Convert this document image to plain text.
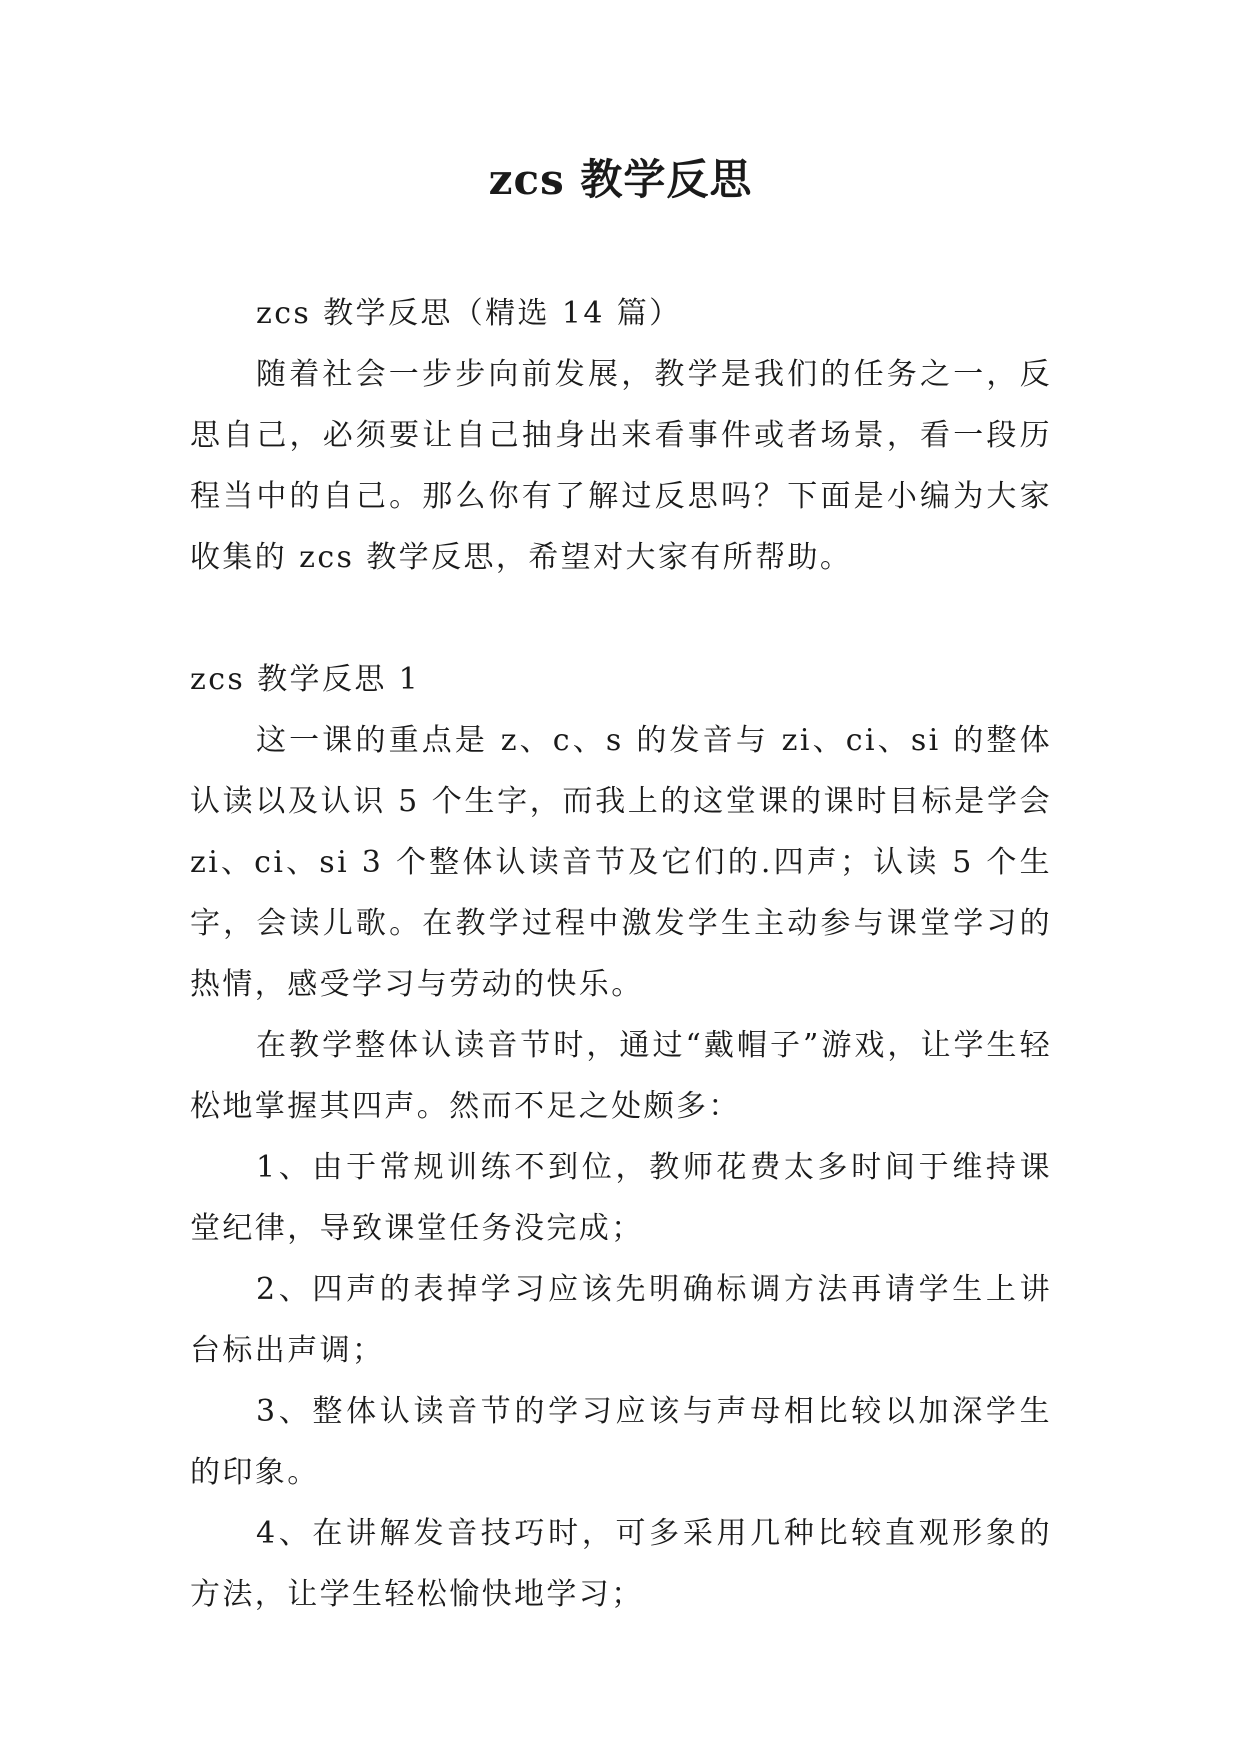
zcs 教学反思

zcs 教学反思（精选 14 篇）

随着社会一步步向前发展，教学是我们的任务之一，反思自己，必须要让自己抽身出来看事件或者场景，看一段历程当中的自己。那么你有了解过反思吗？下面是小编为大家收集的 zcs 教学反思，希望对大家有所帮助。

zcs 教学反思 1

这一课的重点是 z、c、s 的发音与 zi、ci、si 的整体认读以及认识 5 个生字，而我上的这堂课的课时目标是学会 zi、ci、si 3 个整体认读音节及它们的.四声；认读 5 个生字，会读儿歌。在教学过程中激发学生主动参与课堂学习的热情，感受学习与劳动的快乐。

在教学整体认读音节时，通过“戴帽子”游戏，让学生轻松地掌握其四声。然而不足之处颇多：

1、由于常规训练不到位，教师花费太多时间于维持课堂纪律，导致课堂任务没完成；

2、四声的表掉学习应该先明确标调方法再请学生上讲台标出声调；

3、整体认读音节的学习应该与声母相比较以加深学生的印象。

4、在讲解发音技巧时，可多采用几种比较直观形象的方法，让学生轻松愉快地学习；
